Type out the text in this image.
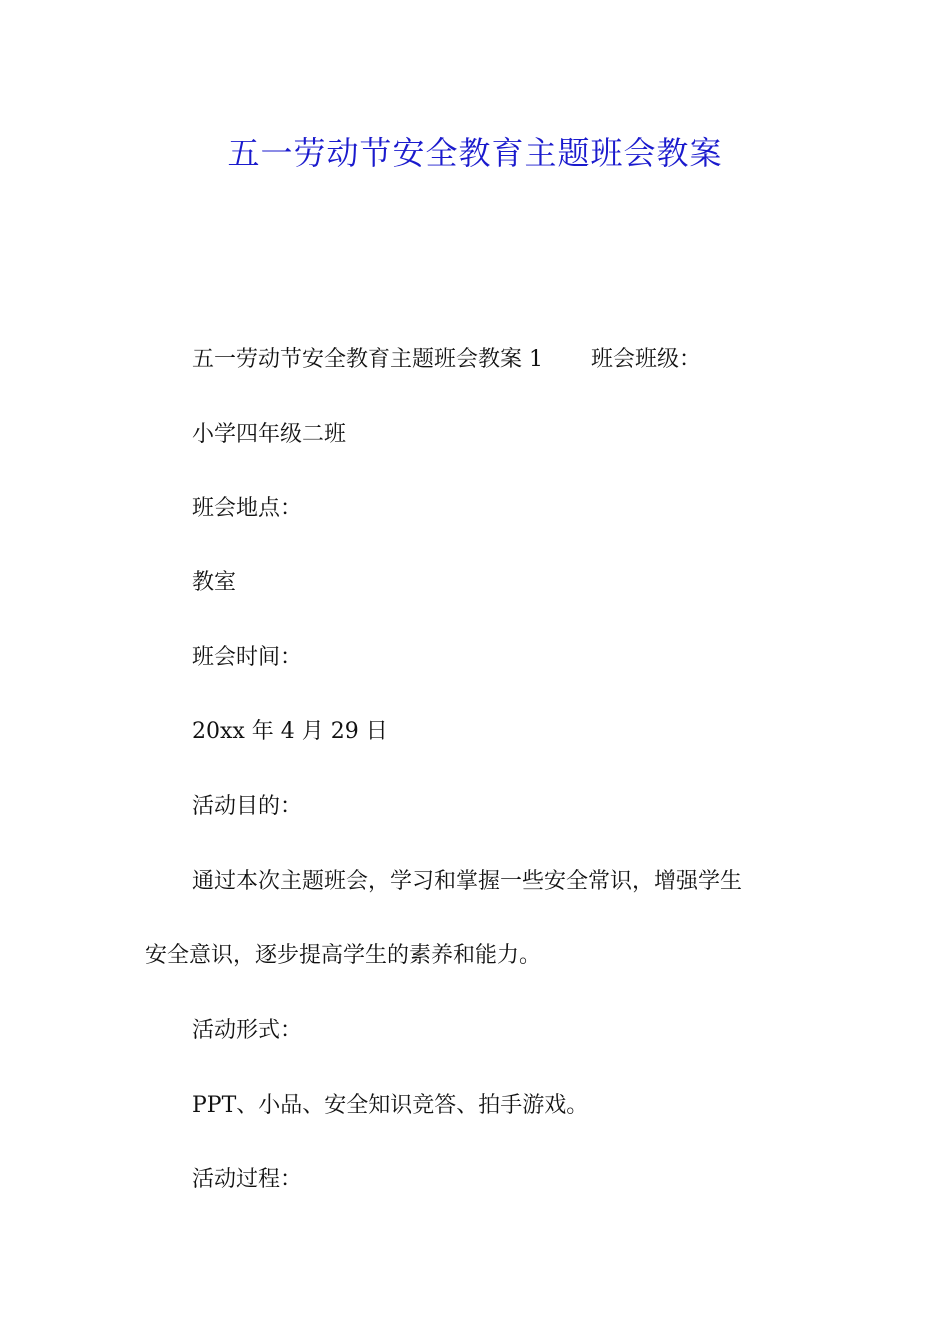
五一劳动节安全教育主题班会教案
五一劳动节安全教育主题班会教案 1 班会班级：
小学四年级二班
班会地点：
教室
班会时间：
20xx 年 4 月 29 日
活动目的：
通过本次主题班会，学习和掌握一些安全常识，增强学生
安全意识，逐步提高学生的素养和能力。
活动形式：
PPT、小品、安全知识竞答、拍手游戏。
活动过程：
